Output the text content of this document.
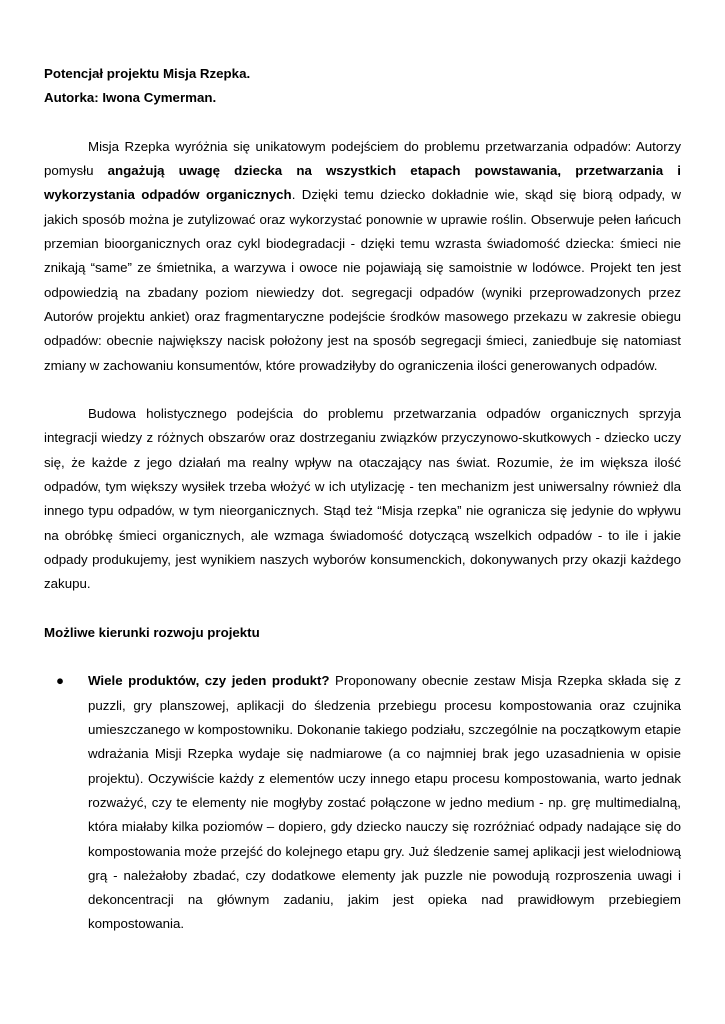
Potencjał projektu Misja Rzepka.

Autorka: Iwona Cymerman.

Misja Rzepka wyróżnia się unikatowym podejściem do problemu przetwarzania odpadów: Autorzy pomysłu angażują uwagę dziecka na wszystkich etapach powstawania, przetwarzania i wykorzystania odpadów organicznych. Dzięki temu dziecko dokładnie wie, skąd się biorą odpady, w jakich sposób można je zutylizować oraz wykorzystać ponownie w uprawie roślin. Obserwuje pełen łańcuch przemian bioorganicznych oraz cykl biodegradacji - dzięki temu wzrasta świadomość dziecka: śmieci nie znikają “same” ze śmietnika, a warzywa i owoce nie pojawiają się samoistnie w lodówce. Projekt ten jest odpowiedzią na zbadany poziom niewiedzy dot. segregacji odpadów (wyniki przeprowadzonych przez Autorów projektu ankiet) oraz fragmentaryczne podejście środków masowego przekazu w zakresie obiegu odpadów: obecnie największy nacisk położony jest na sposób segregacji śmieci, zaniedbuje się natomiast zmiany w zachowaniu konsumentów, które prowadziłyby do ograniczenia ilości generowanych odpadów.

Budowa holistycznego podejścia do problemu przetwarzania odpadów organicznych sprzyja integracji wiedzy z różnych obszarów oraz dostrzeganiu związków przyczynowo-skutkowych - dziecko uczy się, że każde z jego działań ma realny wpływ na otaczający nas świat. Rozumie, że im większa ilość odpadów, tym większy wysiłek trzeba włożyć w ich utylizację - ten mechanizm jest uniwersalny również dla innego typu odpadów, w tym nieorganicznych. Stąd też “Misja rzepka” nie ogranicza się jedynie do wpływu na obróbkę śmieci organicznych, ale wzmaga świadomość dotyczącą wszelkich odpadów - to ile i jakie odpady produkujemy, jest wynikiem naszych wyborów konsumenckich, dokonywanych przy okazji każdego zakupu.

Możliwe kierunki rozwoju projektu

● Wiele produktów, czy jeden produkt? Proponowany obecnie zestaw Misja Rzepka składa się z puzzli, gry planszowej, aplikacji do śledzenia przebiegu procesu kompostowania oraz czujnika umieszczanego w kompostowniku. Dokonanie takiego podziału, szczególnie na początkowym etapie wdrażania Misji Rzepka wydaje się nadmiarowe (a co najmniej brak jego uzasadnienia w opisie projektu). Oczywiście każdy z elementów uczy innego etapu procesu kompostowania, warto jednak rozważyć, czy te elementy nie mogłyby zostać połączone w jedno medium - np. grę multimedialną, która miałaby kilka poziomów – dopiero, gdy dziecko nauczy się rozróżniać odpady nadające się do kompostowania może przejść do kolejnego etapu gry. Już śledzenie samej aplikacji jest wielodniową grą - należałoby zbadać, czy dodatkowe elementy jak puzzle nie powodują rozproszenia uwagi i dekoncentracji na głównym zadaniu, jakim jest opieka nad prawidłowym przebiegiem kompostowania.
